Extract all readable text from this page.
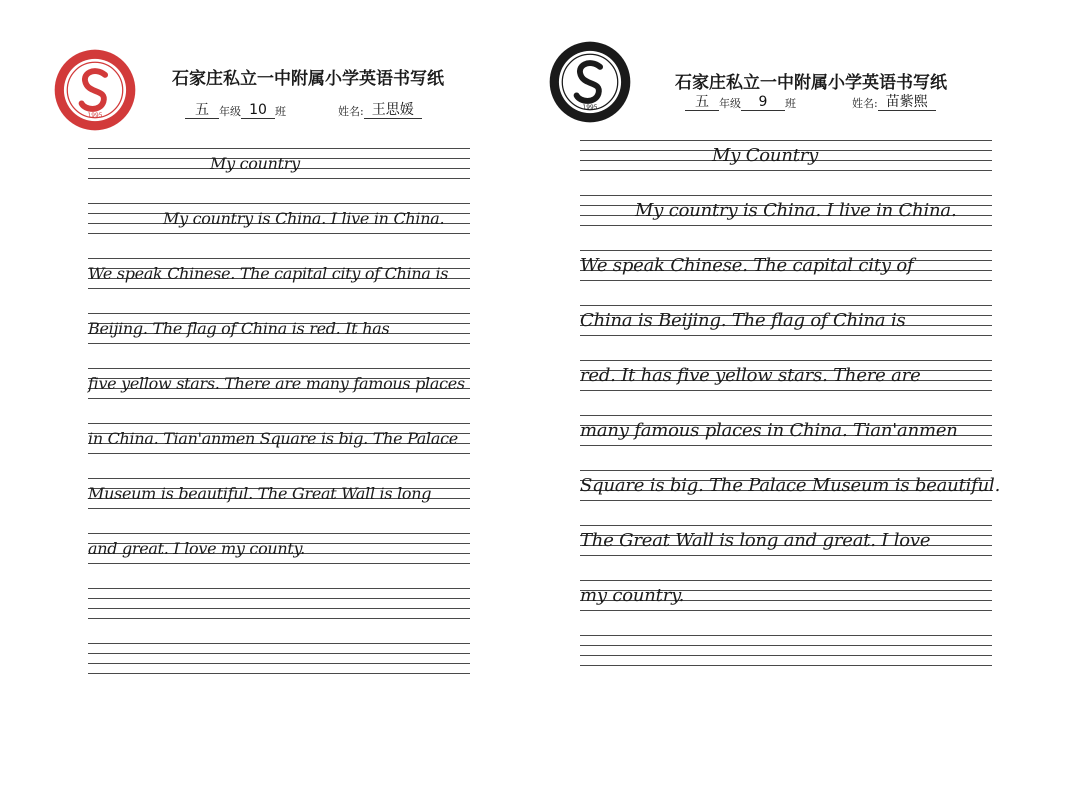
1995
石家庄私立一中附属小学英语书写纸
五 年级 10 班	姓名: 王思媛
My country
My country is China. I live in China.
We speak Chinese. The capital city of China is
Beijing. The flag of China is red. It has
five yellow stars. There are many famous places
in China. Tian'anmen Square is big. The Palace
Museum is beautiful. The Great Wall is long
and great. I love my county.
1995
石家庄私立一中附属小学英语书写纸
五 年级	9	班	姓名: 苗紫熙
My Country
My country is China. I live in China.
We speak Chinese. The capital city of
China is Beijing. The flag of China is
red. It has five yellow stars. There are
many famous places in China. Tian'anmen
Square is big. The Palace Museum is beautiful.
The Great Wall is long and great. I love
my country.
